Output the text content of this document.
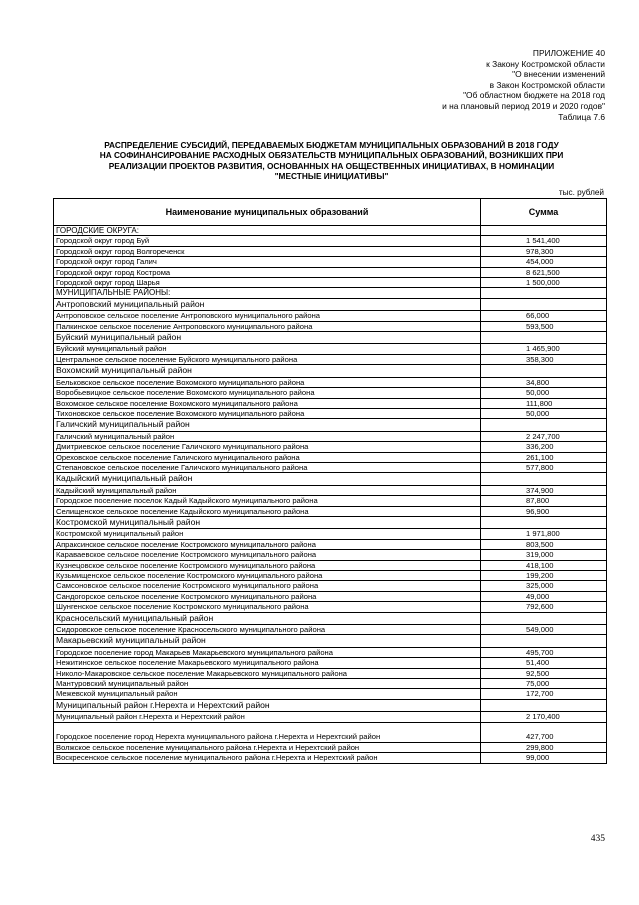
ПРИЛОЖЕНИЕ 40
к Закону Костромской области
"О внесении изменений
в Закон Костромской области
"Об областном бюджете на 2018 год
и на плановый период 2019 и 2020 годов"
Таблица 7.6
РАСПРЕДЕЛЕНИЕ СУБСИДИЙ, ПЕРЕДАВАЕМЫХ БЮДЖЕТАМ МУНИЦИПАЛЬНЫХ ОБРАЗОВАНИЙ В 2018 ГОДУ
НА СОФИНАНСИРОВАНИЕ РАСХОДНЫХ ОБЯЗАТЕЛЬСТВ МУНИЦИПАЛЬНЫХ ОБРАЗОВАНИЙ, ВОЗНИКШИХ ПРИ
РЕАЛИЗАЦИИ ПРОЕКТОВ РАЗВИТИЯ, ОСНОВАННЫХ НА ОБЩЕСТВЕННЫХ ИНИЦИАТИВАХ, В НОМИНАЦИИ
"МЕСТНЫЕ ИНИЦИАТИВЫ"
тыс. рублей
Наименование муниципальных образований	Сумма
ГОРОДСКИЕ ОКРУГА:	
Городской округ город Буй	1 541,400
Городской округ город Волгореченск	978,300
Городской округ город Галич	454,000
Городской округ город Кострома	8 621,500
Городской округ город Шарья	1 500,000
МУНИЦИПАЛЬНЫЕ РАЙОНЫ:	
Антроповский муниципальный район	
Антроповское сельское поселение Антроповского муниципального района	66,000
Палкинское сельское поселение Антроповского муниципального района	593,500
Буйский муниципальный район	
Буйский муниципальный район	1 465,900
Центральное сельское поселение Буйского муниципального района	358,300
Вохомский муниципальный район	
Бельковское сельское поселение Вохомского муниципального района	34,800
Воробьевицкое сельское поселение Вохомского муниципального района	50,000
Вохомское сельское поселение Вохомского муниципального района	111,800
Тихоновское сельское поселение Вохомского муниципального района	50,000
Галичский муниципальный район	
Галичский муниципальный район	2 247,700
Дмитриевское сельское поселение Галичского муниципального района	336,200
Ореховское сельское поселение Галичского муниципального района	261,100
Степановское сельское поселение Галичского муниципального района	577,800
Кадыйский муниципальный район	
Кадыйский муниципальный район	374,900
Городское поселение поселок Кадый Кадыйского муниципального района	87,800
Селищенское сельское поселение Кадыйского муниципального района	96,900
Костромской муниципальный район	
Костромской муниципальный район	1 971,800
Апраксинское сельское поселение Костромского муниципального района	803,500
Караваевское сельское поселение Костромского муниципального района	319,000
Кузнецовское сельское поселение Костромского муниципального района	418,100
Кузьмищенское сельское поселение Костромского муниципального района	199,200
Самсоновское сельское поселение Костромского муниципального района	325,000
Сандогорское сельское поселение Костромского муниципального района	49,000
Шунгенское сельское поселение Костромского муниципального района	792,600
Красносельский муниципальный район	
Сидоровское сельское поселение Красносельского муниципального района	549,000
Макарьевский муниципальный район	
Городское поселение город Макарьев Макарьевского муниципального района	495,700
Нежитинское сельское поселение Макарьевского муниципального района	51,400
Николо-Макаровское сельское поселение Макарьевского муниципального района	92,500
Мантуровский муниципальный район	75,000
Межевской муниципальный район	172,700
Муниципальный район г.Нерехта и Нерехтский район	
Муниципальный район г.Нерехта и Нерехтский район	2 170,400
Городское поселение город Нерехта муниципального района г.Нерехта и Нерехтский район	427,700
Волжское сельское поселение муниципального района г.Нерехта и Нерехтский район	299,800
Воскресенское сельское поселение муниципального района г.Нерехта и Нерехтский район	99,000
435
